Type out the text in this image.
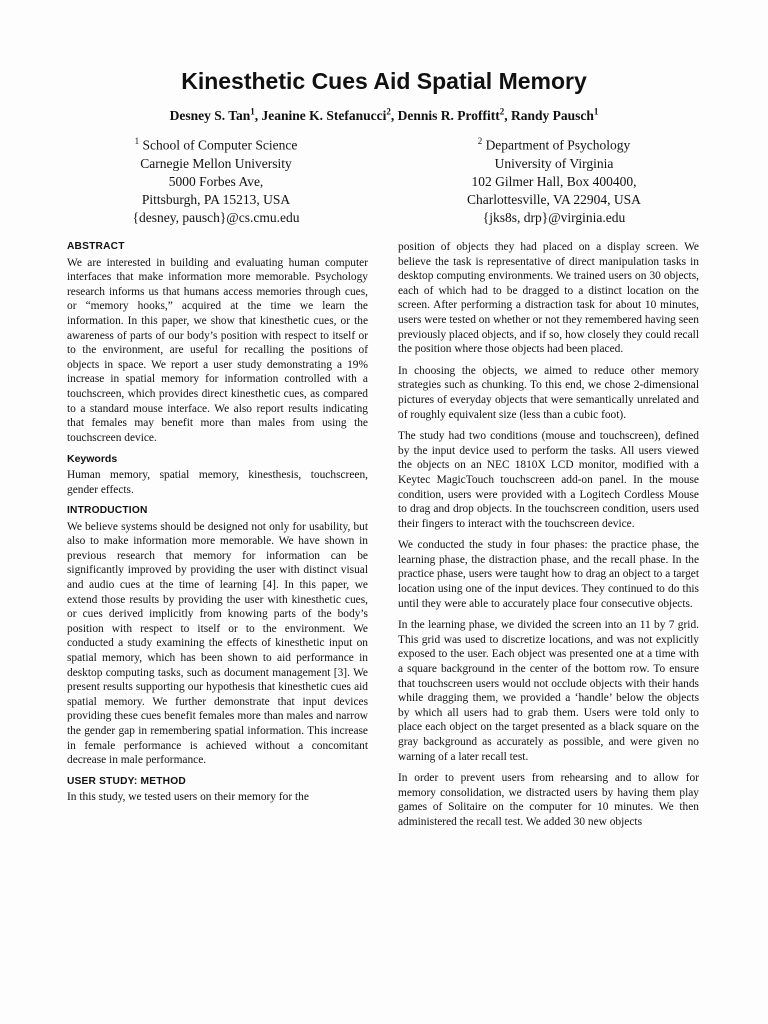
Kinesthetic Cues Aid Spatial Memory
Desney S. Tan$^1$, Jeanine K. Stefanucci$^2$, Dennis R. Proffitt$^2$, Randy Pausch$^1$
$^1$ School of Computer Science
Carnegie Mellon University
5000 Forbes Ave,
Pittsburgh, PA 15213, USA
{desney, pausch}@cs.cmu.edu
$^2$ Department of Psychology
University of Virginia
102 Gilmer Hall, Box 400400,
Charlottesville, VA 22904, USA
{jks8s, drp}@virginia.edu
ABSTRACT

We are interested in building and evaluating human computer interfaces that make information more memorable. Psychology research informs us that humans access memories through cues, or “memory hooks,” acquired at the time we learn the information. In this paper, we show that kinesthetic cues, or the awareness of parts of our body’s position with respect to itself or to the environment, are useful for recalling the positions of objects in space. We report a user study demonstrating a 19% increase in spatial memory for information controlled with a touchscreen, which provides direct kinesthetic cues, as compared to a standard mouse interface. We also report results indicating that females may benefit more than males from using the touchscreen device.

Keywords

Human memory, spatial memory, kinesthesis, touchscreen, gender effects.

INTRODUCTION

We believe systems should be designed not only for usability, but also to make information more memorable. We have shown in previous research that memory for information can be significantly improved by providing the user with distinct visual and audio cues at the time of learning [4]. In this paper, we extend those results by providing the user with kinesthetic cues, or cues derived implicitly from knowing parts of the body’s position with respect to itself or to the environment. We conducted a study examining the effects of kinesthetic input on spatial memory, which has been shown to aid performance in desktop computing tasks, such as document management [3]. We present results supporting our hypothesis that kinesthetic cues aid spatial memory. We further demonstrate that input devices providing these cues benefit females more than males and narrow the gender gap in remembering spatial information. This increase in female performance is achieved without a concomitant decrease in male performance.

USER STUDY: METHOD

In this study, we tested users on their memory for the

position of objects they had placed on a display screen. We believe the task is representative of direct manipulation tasks in desktop computing environments. We trained users on 30 objects, each of which had to be dragged to a distinct location on the screen. After performing a distraction task for about 10 minutes, users were tested on whether or not they remembered having seen previously placed objects, and if so, how closely they could recall the position where those objects had been placed.

In choosing the objects, we aimed to reduce other memory strategies such as chunking. To this end, we chose 2-dimensional pictures of everyday objects that were semantically unrelated and of roughly equivalent size (less than a cubic foot).

The study had two conditions (mouse and touchscreen), defined by the input device used to perform the tasks. All users viewed the objects on an NEC 1810X LCD monitor, modified with a Keytec MagicTouch touchscreen add-on panel. In the mouse condition, users were provided with a Logitech Cordless Mouse to drag and drop objects. In the touchscreen condition, users used their fingers to interact with the touchscreen device.

We conducted the study in four phases: the practice phase, the learning phase, the distraction phase, and the recall phase. In the practice phase, users were taught how to drag an object to a target location using one of the input devices. They continued to do this until they were able to accurately place four consecutive objects.

In the learning phase, we divided the screen into an 11 by 7 grid. This grid was used to discretize locations, and was not explicitly exposed to the user. Each object was presented one at a time with a square background in the center of the bottom row. To ensure that touchscreen users would not occlude objects with their hands while dragging them, we provided a ‘handle’ below the objects by which all users had to grab them. Users were told only to place each object on the target presented as a black square on the gray background as accurately as possible, and were given no warning of a later recall test.

In order to prevent users from rehearsing and to allow for memory consolidation, we distracted users by having them play games of Solitaire on the computer for 10 minutes. We then administered the recall test. We added 30 new objects
